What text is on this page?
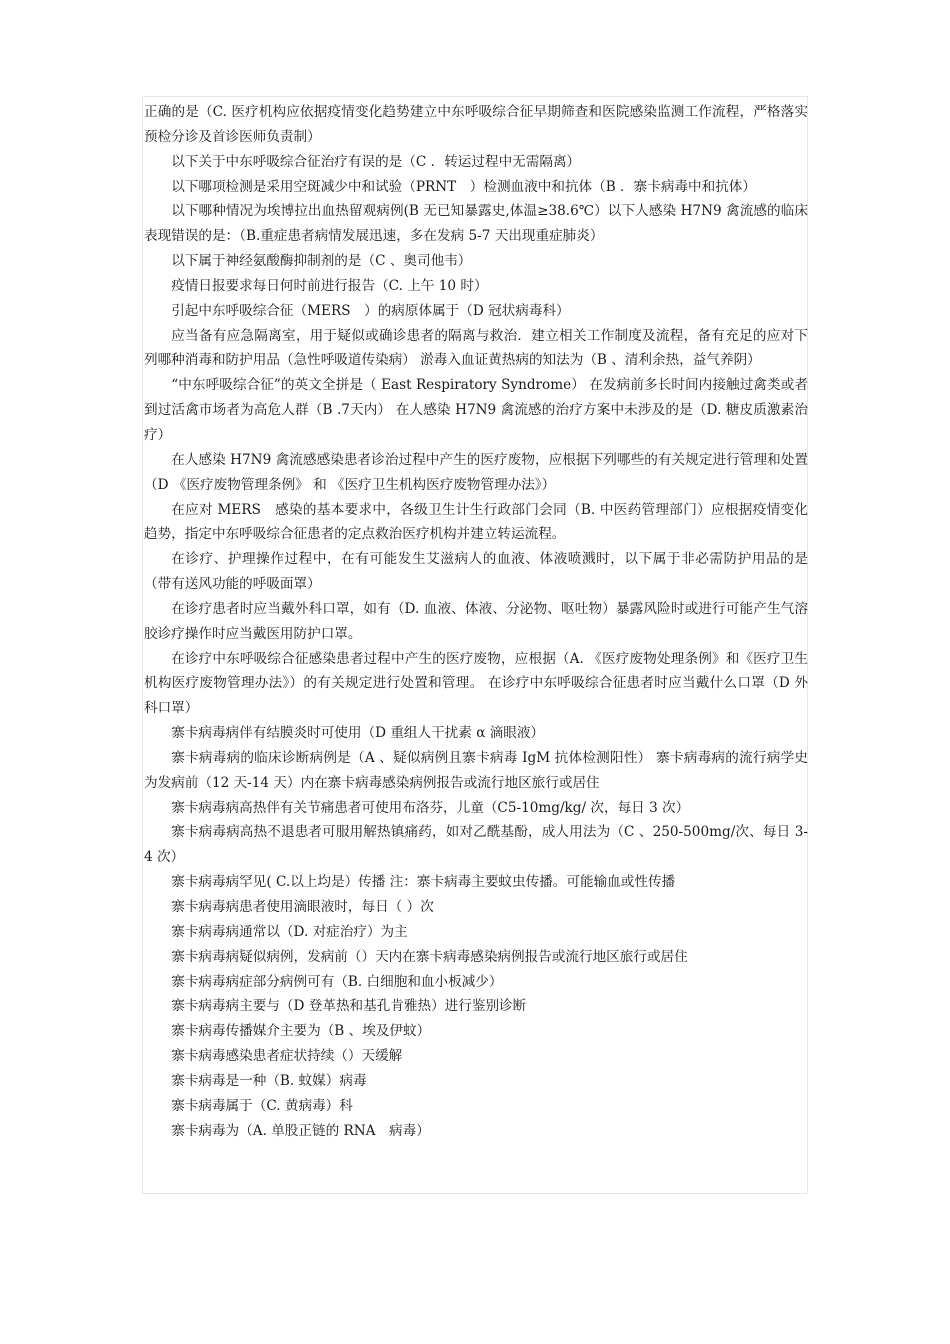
正确的是（C. 医疗机构应依据疫情变化趋势建立中东呼吸综合征早期筛查和医院感染监测工作流程，严格落实预检分诊及首诊医师负责制）

以下关于中东呼吸综合征治疗有误的是（C ．转运过程中无需隔离）

以下哪项检测是采用空斑减少中和试验（PRNT　）检测血液中和抗体（B ．寨卡病毒中和抗体）

以下哪种情况为埃博拉出血热留观病例(B 无已知暴露史,体温≥38.6℃）以下人感染 H7N9 禽流感的临床表现错误的是：（B.重症患者病情发展迅速，多在发病 5-7 天出现重症肺炎）

以下属于神经氨酸酶抑制剂的是（C 、奥司他韦）

疫情日报要求每日何时前进行报告（C. 上午 10 时）

引起中东呼吸综合征（MERS　）的病原体属于（D 冠状病毒科）

应当备有应急隔离室，用于疑似或确诊患者的隔离与救治．建立相关工作制度及流程，备有充足的应对下列哪种消毒和防护用品（急性呼吸道传染病） 淤毒入血证黄热病的知法为（B 、清利余热，益气养阴）

“中东呼吸综合征”的英文全拼是（ East Respiratory Syndrome） 在发病前多长时间内接触过禽类或者到过活禽市场者为高危人群（B .7天内） 在人感染 H7N9 禽流感的治疗方案中未涉及的是（D. 糖皮质激素治疗）

在人感染 H7N9 禽流感感染患者诊治过程中产生的医疗废物，应根据下列哪些的有关规定进行管理和处置（D 《医疗废物管理条例》 和 《医疗卫生机构医疗废物管理办法》）

在应对 MERS　感染的基本要求中，各级卫生计生行政部门会同（B. 中医药管理部门）应根据疫情变化趋势，指定中东呼吸综合征患者的定点救治医疗机构并建立转运流程。

在诊疗、护理操作过程中，在有可能发生艾滋病人的血液、体液喷溅时，以下属于非必需防护用品的是（带有送风功能的呼吸面罩）

在诊疗患者时应当戴外科口罩，如有（D. 血液、体液、分泌物、呕吐物）暴露风险时或进行可能产生气溶胶诊疗操作时应当戴医用防护口罩。

在诊疗中东呼吸综合征感染患者过程中产生的医疗废物，应根据（A. 《医疗废物处理条例》和《医疗卫生机构医疗废物管理办法》）的有关规定进行处置和管理。 在诊疗中东呼吸综合征患者时应当戴什么口罩（D 外科口罩）

寨卡病毒病伴有结膜炎时可使用（D 重组人干扰素 α 滴眼液）

寨卡病毒病的临床诊断病例是（A 、疑似病例且寨卡病毒 IgM 抗体检测阳性） 寨卡病毒病的流行病学史为发病前（12 天-14 天）内在寨卡病毒感染病例报告或流行地区旅行或居住

寨卡病毒病高热伴有关节痛患者可使用布洛芬，儿童（C5-10mg/kg/ 次，每日 3 次）

寨卡病毒病高热不退患者可服用解热镇痛药，如对乙酰基酚，成人用法为（C 、250-500mg/次、每日 3-4 次）

寨卡病毒病罕见( C.以上均是）传播 注：寨卡病毒主要蚊虫传播。可能输血或性传播

寨卡病毒病患者使用滴眼液时，每日（ ）次

寨卡病毒病通常以（D. 对症治疗）为主

寨卡病毒病疑似病例，发病前（）天内在寨卡病毒感染病例报告或流行地区旅行或居住

寨卡病毒病症部分病例可有（B. 白细胞和血小板减少）

寨卡病毒病主要与（D 登革热和基孔肯雅热）进行鉴别诊断

寨卡病毒传播媒介主要为（B 、埃及伊蚊）

寨卡病毒感染患者症状持续（）天缓解

寨卡病毒是一种（B. 蚊媒）病毒

寨卡病毒属于（C. 黄病毒）科

寨卡病毒为（A. 单股正链的 RNA　病毒）
